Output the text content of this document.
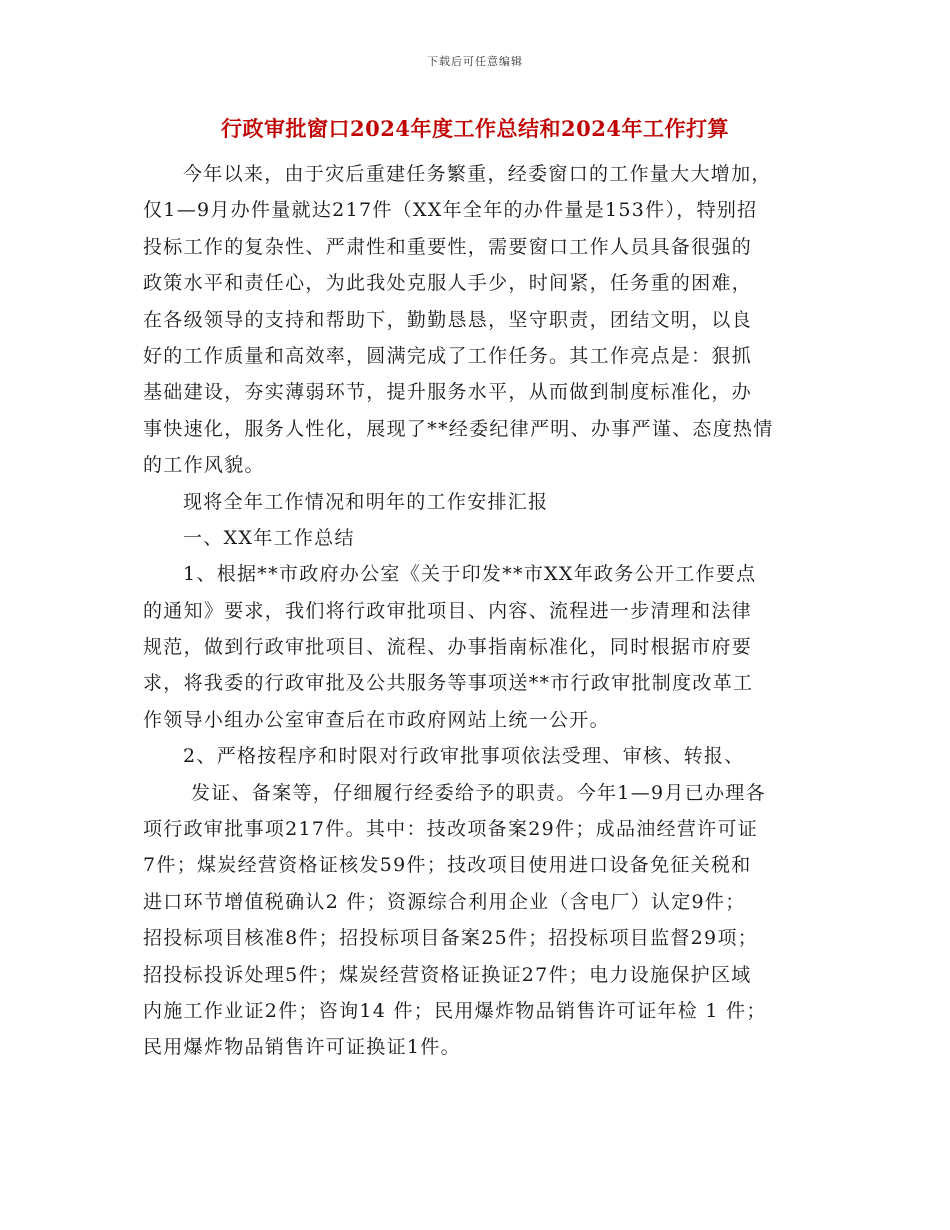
下载后可任意编辑
行政审批窗口2024年度工作总结和2024年工作打算
今年以来，由于灾后重建任务繁重，经委窗口的工作量大大增加，
仅1—9月办件量就达217件（XX年全年的办件量是153件），特别招
投标工作的复杂性、严肃性和重要性，需要窗口工作人员具备很强的
政策水平和责任心，为此我处克服人手少，时间紧，任务重的困难，
在各级领导的支持和帮助下，勤勤恳恳，坚守职责，团结文明，以良
好的工作质量和高效率，圆满完成了工作任务。其工作亮点是：狠抓
基础建设，夯实薄弱环节，提升服务水平，从而做到制度标准化，办
事快速化，服务人性化，展现了**经委纪律严明、办事严谨、态度热情
的工作风貌。
现将全年工作情况和明年的工作安排汇报
一、XX年工作总结
1、根据**市政府办公室《关于印发**市XX年政务公开工作要点
的通知》要求，我们将行政审批项目、内容、流程进一步清理和法律
规范，做到行政审批项目、流程、办事指南标准化，同时根据市府要
求，将我委的行政审批及公共服务等事项送**市行政审批制度改革工
作领导小组办公室审查后在市政府网站上统一公开。
2、严格按程序和时限对行政审批事项依法受理、审核、转报、
发证、备案等，仔细履行经委给予的职责。今年1—9月已办理各
项行政审批事项217件。其中：技改项备案29件；成品油经营许可证
7件；煤炭经营资格证核发59件；技改项目使用进口设备免征关税和
进口环节增值税确认2 件；资源综合利用企业（含电厂）认定9件；
招投标项目核准8件；招投标项目备案25件；招投标项目监督29项；
招投标投诉处理5件；煤炭经营资格证换证27件；电力设施保护区域
内施工作业证2件；咨询14 件；民用爆炸物品销售许可证年检 1 件；
民用爆炸物品销售许可证换证1件。
